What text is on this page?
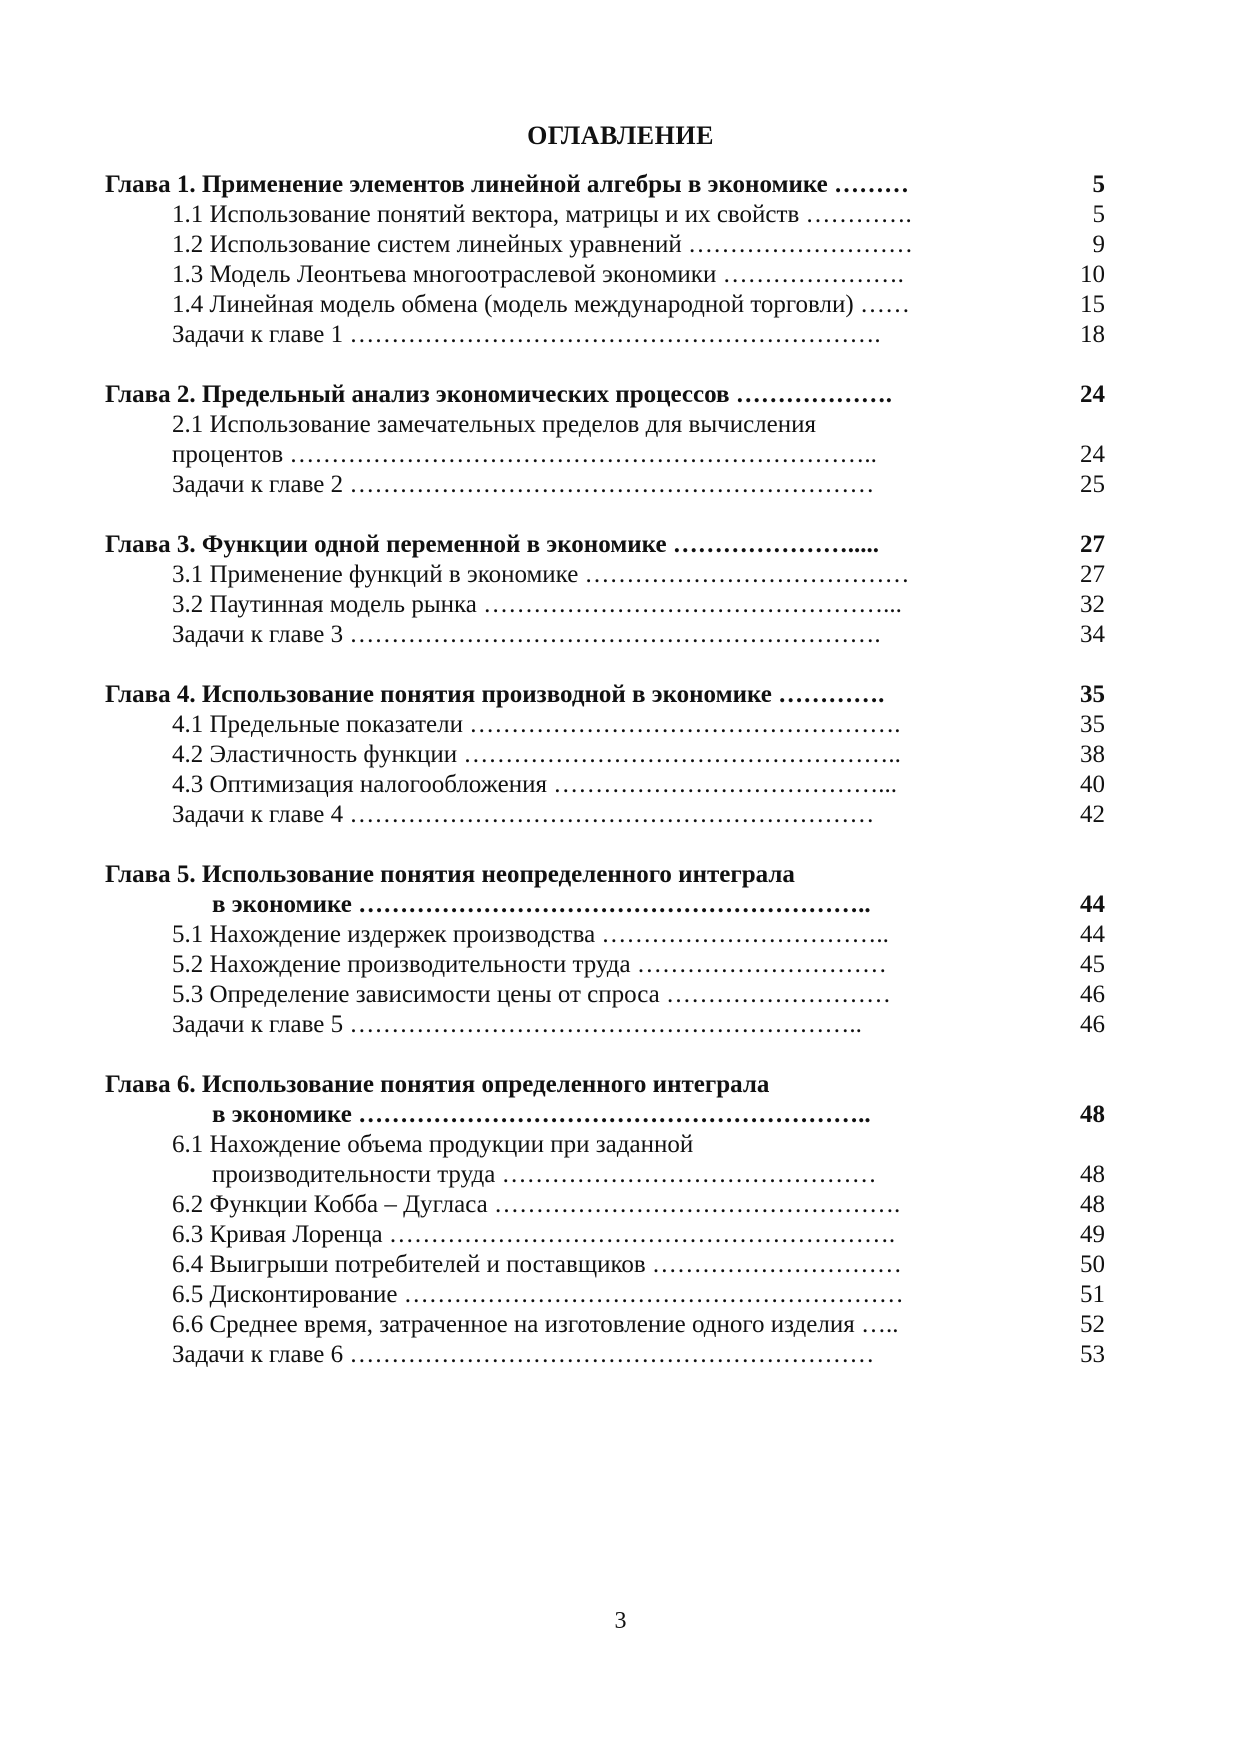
ОГЛАВЛЕНИЕ
Глава 1. Применение элементов линейной алгебры в экономике ………	5
1.1 Использование понятий вектора, матрицы и их свойств ………….	5
1.2 Использование систем линейных уравнений ………………………	9
1.3 Модель Леонтьева многоотраслевой экономики ………………….	10
1.4 Линейная модель обмена (модель международной торговли) ……	15
Задачи к главе 1 ……………………………………………………….	18
Глава 2. Предельный анализ экономических процессов ……………….	24
2.1 Использование замечательных пределов для вычисления
процентов ……………………………………………………………..	24
Задачи к главе 2 ………………………………………………………	25
Глава 3. Функции одной переменной в экономике ………………….....	27
3.1 Применение функций в экономике …………………………………	27
3.2 Паутинная модель рынка …………………………………………...	32
Задачи к главе 3 ……………………………………………………….	34
Глава 4. Использование понятия производной в экономике ………….	35
4.1 Предельные показатели …………………………………………….	35
4.2 Эластичность функции ……………………………………………..	38
4.3 Оптимизация налогообложения …………………………………...	40
Задачи к главе 4 ………………………………………………………	42
Глава 5. Использование понятия неопределенного интеграла
в экономике ……………………………………………………..	44
5.1 Нахождение издержек производства ……………………………..	44
5.2 Нахождение производительности труда …………………………	45
5.3 Определение зависимости цены от спроса ………………………	46
Задачи к главе 5 ……………………………………………………..	46
Глава 6. Использование понятия определенного интеграла
в экономике ……………………………………………………..	48
6.1 Нахождение объема продукции при заданной
производительности труда ………………………………………	48
6.2 Функции Кобба – Дугласа ………………………………………….	48
6.3 Кривая Лоренца …………………………………………………….	49
6.4 Выигрыши потребителей и поставщиков …………………………	50
6.5 Дисконтирование ……………………………………………………	51
6.6 Среднее время, затраченное на изготовление одного изделия …..	52
Задачи к главе 6 ………………………………………………………	53
3
